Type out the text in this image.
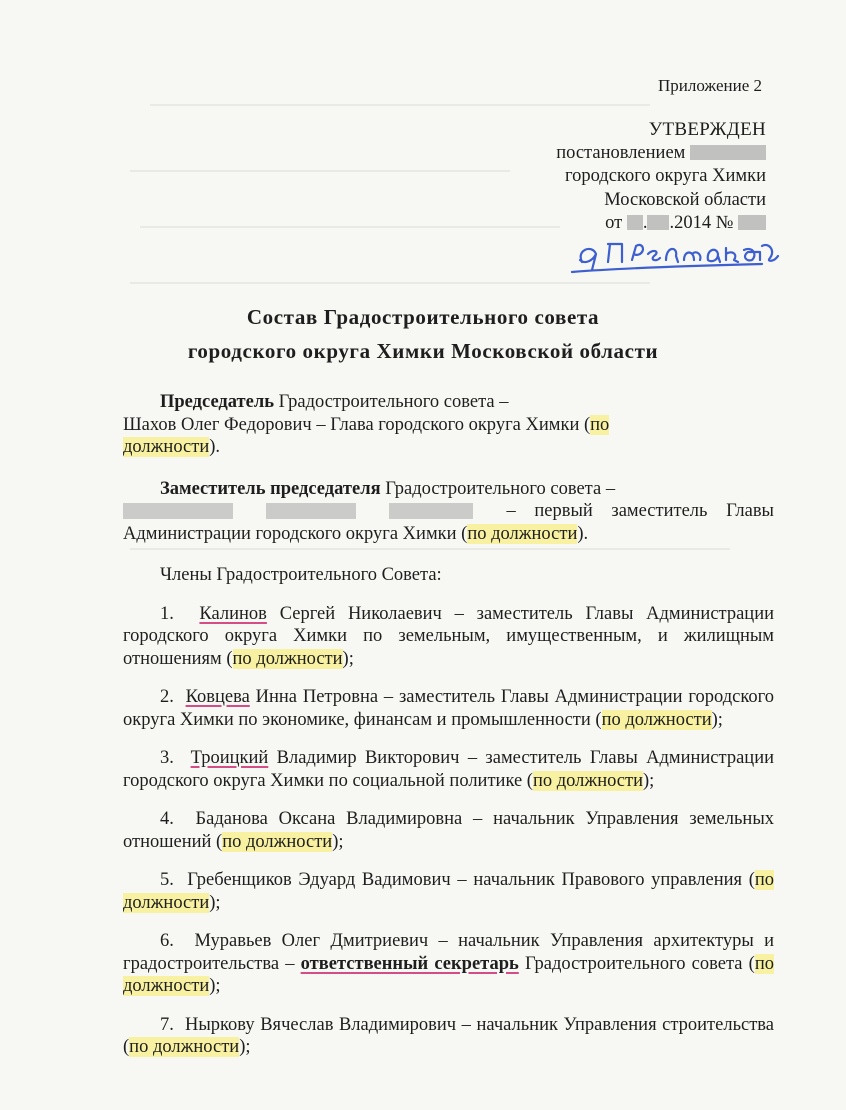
Приложение 2
УТВЕРЖДЕН
постановлением
городского округа Химки
Московской области
от . .2014 №
я предлагаю
Состав Градостроительного совета
городского округа Химки Московской области

Председатель Градостроительного совета –

Шахов Олег Федорович – Глава городского округа Химки (по
должности).

Заместитель председателя Градостроительного совета –

– первый заместитель Главы

Администрации городского округа Химки (по должности).

Члены Градостроительного Совета:

1. Калинов Сергей Николаевич – заместитель Главы Администрации городского округа Химки по земельным, имущественным, и жилищным отношениям (по должности);

2. Ковцева Инна Петровна – заместитель Главы Администрации городского округа Химки по экономике, финансам и промышленности (по должности);

3. Троицкий Владимир Викторович – заместитель Главы Администрации городского округа Химки по социальной политике (по должности);

4. Баданова Оксана Владимировна – начальник Управления земельных отношений (по должности);

5. Гребенщиков Эдуард Вадимович – начальник Правового управления (по должности);

6. Муравьев Олег Дмитриевич – начальник Управления архитектуры и градостроительства – ответственный секретарь Градостроительного совета (по должности);

7. Ныркову Вячеслав Владимирович – начальник Управления строительства (по должности);
